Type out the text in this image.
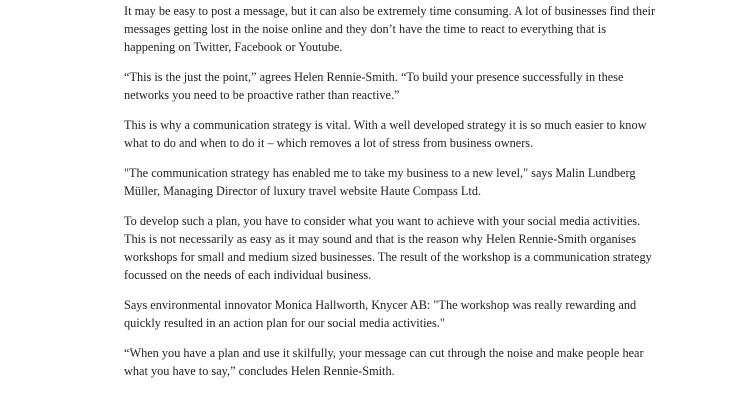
It may be easy to post a message, but it can also be extremely time consuming. A lot of businesses find their messages getting lost in the noise online and they don’t have the time to react to everything that is happening on Twitter, Facebook or Youtube.

“This is the just the point,” agrees Helen Rennie-Smith. “To build your presence successfully in these networks you need to be proactive rather than reactive.”

This is why a communication strategy is vital. With a well developed strategy it is so much easier to know what to do and when to do it – which removes a lot of stress from business owners.

"The communication strategy has enabled me to take my business to a new level," says Malin Lundberg Müller, Managing Director of luxury travel website Haute Compass Ltd.

To develop such a plan, you have to consider what you want to achieve with your social media activities. This is not necessarily as easy as it may sound and that is the reason why Helen Rennie-Smith organises workshops for small and medium sized businesses. The result of the workshop is a communication strategy focussed on the needs of each individual business.

Says environmental innovator Monica Hallworth, Knycer AB: "The workshop was really rewarding and quickly resulted in an action plan for our social media activities."

“When you have a plan and use it skilfully, your message can cut through the noise and make people hear what you have to say,” concludes Helen Rennie-Smith.
